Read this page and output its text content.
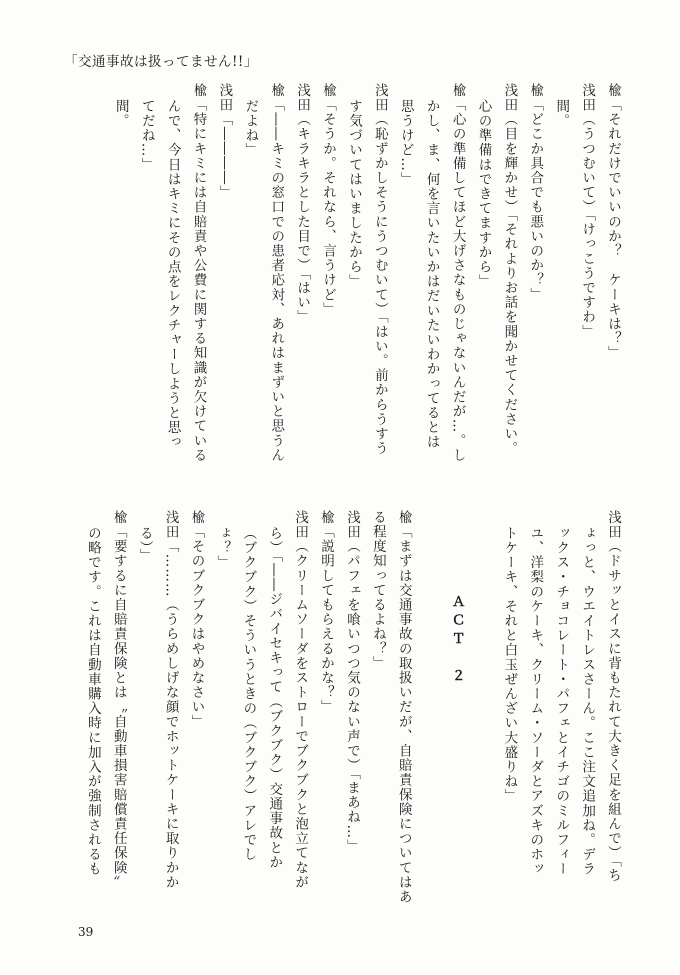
「交通事故は扱ってません!!」
楡「それだけでいいのか？　ケーキは？」
浅田（うつむいて）「けっこうですわ」
間。
楡「どこか具合でも悪いのか？」
浅田（目を輝かせ）「それよりお話を聞かせてください。
心の準備はできてますから」
楡「心の準備してほど大げさなものじゃないんだが…。し
かし、ま、何を言いたいかはだいたいわかってるとは
思うけど…」
浅田（恥ずかしそうにうつむいて）「はい。前からうすう
す気づいてはいましたから」
楡「そうか。それなら、言うけど」
浅田（キラキラとした目で）「はい」
楡「――キミの窓口での患者応対、あれはまずいと思うん
だよね」
浅田「――――」
楡「特にキミには自賠責や公費に関する知識が欠けている
んで、今日はキミにその点をレクチャーしようと思っ
てだね…」
間。
浅田（ドサッとイスに背もたれて大きく足を組んで）「ち
ょっと、ウエイトレスさーん。ここ注文追加ね。デラ
ックス・チョコレート・パフェとイチゴのミルフィー
ユ、洋梨のケーキ、クリーム・ソーダとアズキのホッ
トケーキ、それと白玉ぜんざい大盛りね」
ＡＣＴ　２
楡「まずは交通事故の取扱いだが、自賠責保険についてはある程度知ってるよね？」
浅田（パフェを喰いつつ気のない声で）「まあね…」
楡「説明してもらえるかな？」
浅田（クリームソーダをストローでブクブクと泡立てなが
ら）「――ジバイセキって（ブクブク）交通事故とか
（ブクブク）そういうときの（ブクブク）アレでし
ょ？」
楡「そのブクブクはやめなさい」
浅田「………（うらめしげな顔でホットケーキに取りかか
る）」
楡「要するに自賠責保険とは〝自動車損害賠償責任保険〟
の略です。これは自動車購入時に加入が強制されるも
39
